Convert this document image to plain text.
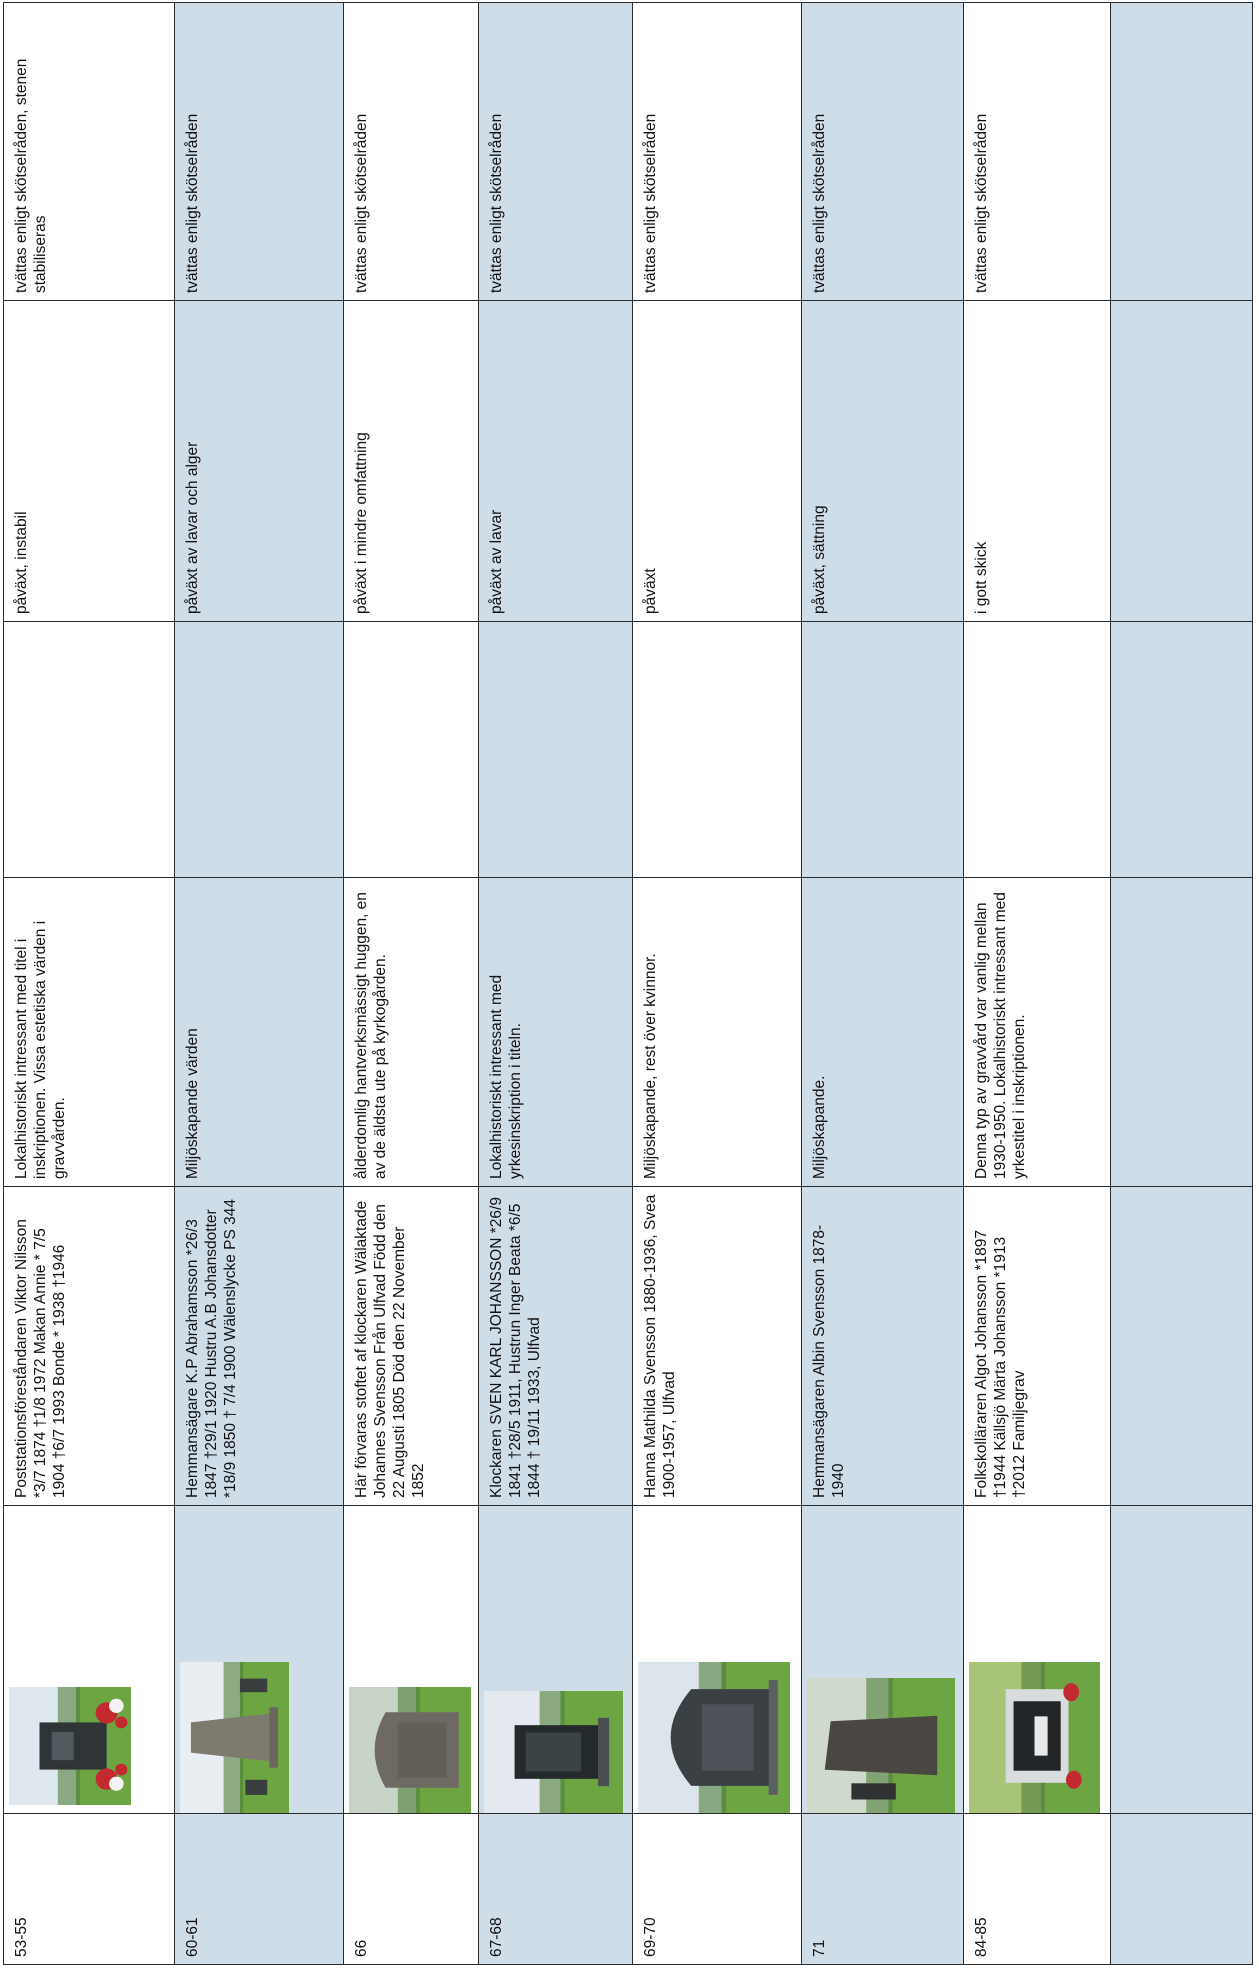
53-55		Poststationsföreståndaren Viktor Nilsson *3/7 1874 †1/8 1972 Makan Annie * 7/5 1904 †6/7 1993 Bonde * 1938 †1946	Lokalhistoriskt intressant med titel i inskriptionen. Vissa estetiska värden i gravvården.		påväxt, instabil	tvättas enligt skötselråden, stenen stabiliseras
60-61		Hemmansägare K.P Abrahamsson *26/3 1847 †29/1 1920 Hustru A.B Johansdotter *18/9 1850 † 7/4 1900 Wälenslycke PS 344	Miljöskapande värden		påväxt av lavar och alger	tvättas enligt skötselråden
66		Här förvaras stoftet af klockaren Wälaktade Johannes Svensson Från Ulfvad Född den 22 Augusti 1805 Död den 22 November 1852	ålderdomlig hantverksmässigt huggen, en av de äldsta ute på kyrkogården.		påväxt i mindre omfattning	tvättas enligt skötselråden
67-68		Klockaren SVEN KARL JOHANSSON *26/9 1841 †28/5 1911, Hustrun Inger Beata *6/5 1844 † 19/11 1933, Ulfvad	Lokalhistoriskt intressant med yrkesinskription i titeln.		påväxt av lavar	tvättas enligt skötselråden
69-70		Hanna Mathilda Svensson 1880-1936, Svea 1900-1957, Ulfvad	Miljöskapande, rest över kvinnor.		påväxt	tvättas enligt skötselråden
71		Hemmansägaren Albin Svensson 1878-1940	Miljöskapande.		påväxt, sättning	tvättas enligt skötselråden
84-85		Folkskolläraren Algot Johansson *1897 †1944 Källsjö Märta Johansson *1913 †2012 Familjegrav	Denna typ av gravvård var vanlig mellan 1930-1950. Lokalhistoriskt intressant med yrkestitel i inskriptionen.		i gott skick	tvättas enligt skötselråden
